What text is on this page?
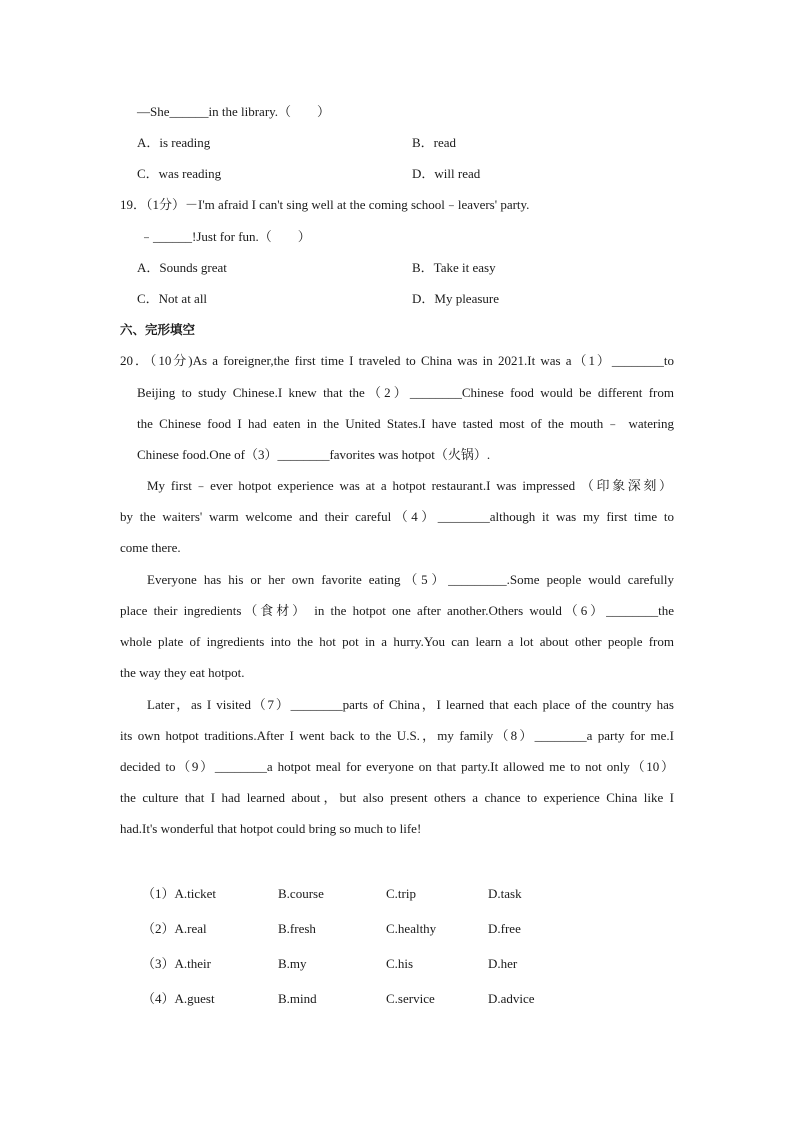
—She______in the library.（　　）
A．is reading	B．read
C．was reading	D．will read
19．（1分）－I'm afraid I can't sing well at the coming school﹣leavers' party.
﹣______!Just for fun.（　　）
A．Sounds great	B．Take it easy
C．Not at all	D．My pleasure
六、完形填空
20．（10分)As a foreigner,the first time I traveled to China was in 2021.It was a（1）________to
Beijing to study Chinese.I knew that the（2）________Chinese food would be different from
the Chinese food I had eaten in the United States.I have tasted most of the mouth﹣ watering
Chinese food.One of（3）________favorites was hotpot（火锅）.
My first﹣ever hotpot experience was at a hotpot restaurant.I was impressed （印象深刻）
by the waiters' warm welcome and their careful（4）________although it was my first time to
come there.
Everyone has his or her own favorite eating（5）_________.Some people would carefully
place their ingredients（食材） in the hotpot one after another.Others would（6）________the
whole plate of ingredients into the hot pot in a hurry.You can learn a lot about other people from
the way they eat hotpot.
Later，as I visited（7）________parts of China，I learned that each place of the country has
its own hotpot traditions.After I went back to the U.S.，my family（8）________a party for me.I
decided to（9）________a hotpot meal for everyone on that party.It allowed me to not only（10）
the culture that I had learned about，but also present others a chance to experience China like I
had.It's wonderful that hotpot could bring so much to life!
（1）A.ticket	B.course	C.trip	D.task
（2）A.real	B.fresh	C.healthy	D.free
（3）A.their	B.my	C.his	D.her
（4）A.guest	B.mind	C.service	D.advice
